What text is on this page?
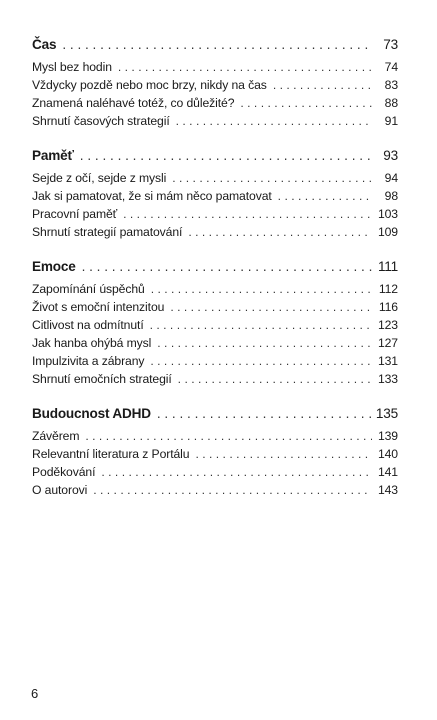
Čas . . .	73
Mysl bez hodin . . .	74
Vždycky pozdě nebo moc brzy, nikdy na čas . . .	83
Znamená naléhavé totéž, co důležité? . . .	88
Shrnutí časových strategií . . .	91
Paměť . . .	93
Sejde z očí, sejde z mysli . . .	94
Jak si pamatovat, že si mám něco pamatovat . . .	98
Pracovní paměť . . .	103
Shrnutí strategií pamatování . . .	109
Emoce . . .	111
Zapomínání úspěchů . . .	112
Život s emoční intenzitou . . .	116
Citlivost na odmítnutí . . .	123
Jak hanba ohýbá mysl . . .	127
Impulzivita a zábrany . . .	131
Shrnutí emočních strategií . . .	133
Budoucnost ADHD . . .	135
Závěrem . . .	139
Relevantní literatura z Portálu . . .	140
Poděkování . . .	141
O autorovi . . .	143
6
